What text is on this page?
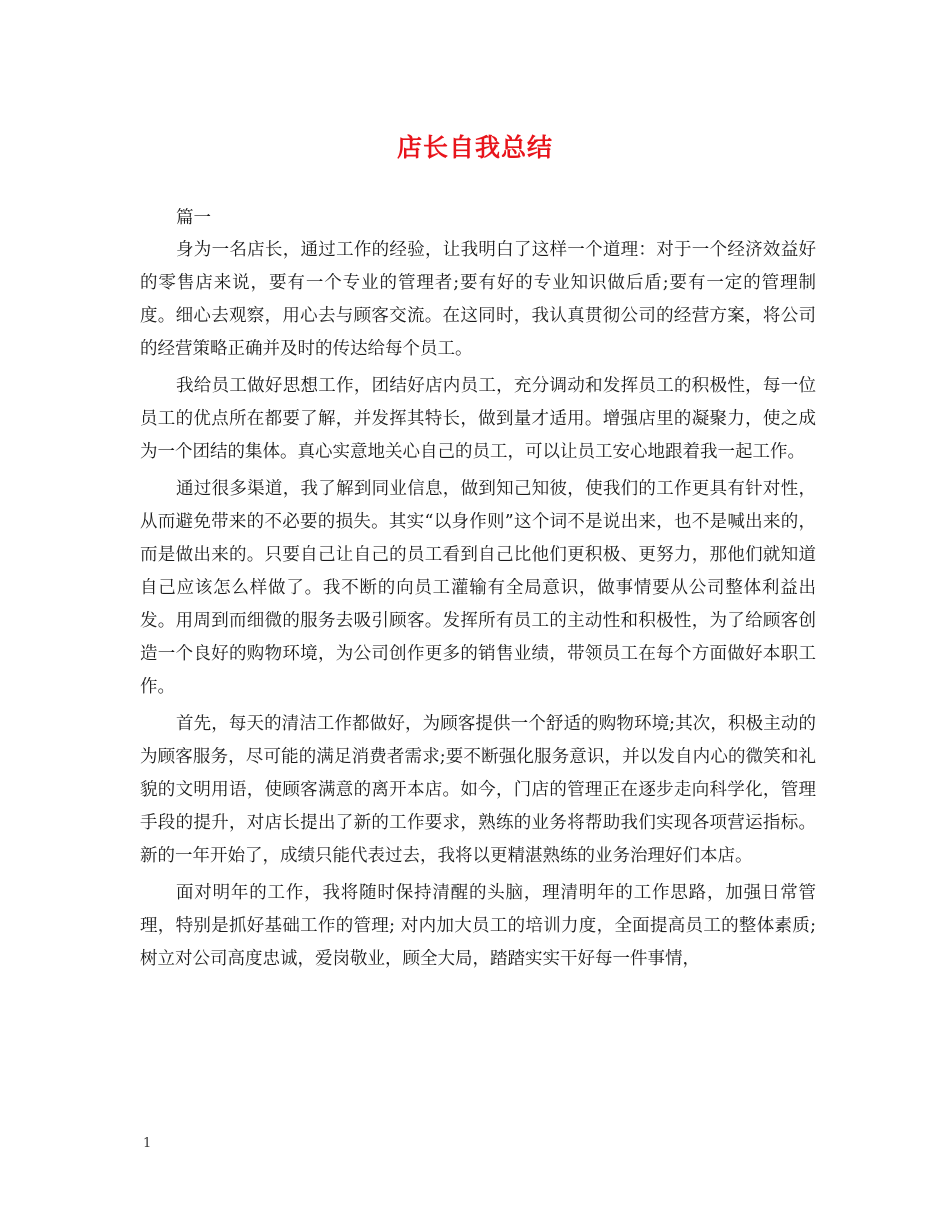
店长自我总结

篇一

身为一名店长，通过工作的经验，让我明白了这样一个道理：对于一个经济效益好的零售店来说，要有一个专业的管理者;要有好的专业知识做后盾;要有一定的管理制度。细心去观察，用心去与顾客交流。在这同时，我认真贯彻公司的经营方案，将公司的经营策略正确并及时的传达给每个员工。

我给员工做好思想工作，团结好店内员工，充分调动和发挥员工的积极性，每一位员工的优点所在都要了解，并发挥其特长，做到量才适用。增强店里的凝聚力，使之成为一个团结的集体。真心实意地关心自己的员工，可以让员工安心地跟着我一起工作。

通过很多渠道，我了解到同业信息，做到知己知彼，使我们的工作更具有针对性，从而避免带来的不必要的损失。其实“以身作则”这个词不是说出来，也不是喊出来的，而是做出来的。只要自己让自己的员工看到自己比他们更积极、更努力，那他们就知道自己应该怎么样做了。我不断的向员工灌输有全局意识，做事情要从公司整体利益出发。用周到而细微的服务去吸引顾客。发挥所有员工的主动性和积极性，为了给顾客创造一个良好的购物环境，为公司创作更多的销售业绩，带领员工在每个方面做好本职工作。

首先，每天的清洁工作都做好，为顾客提供一个舒适的购物环境;其次，积极主动的为顾客服务，尽可能的满足消费者需求;要不断强化服务意识，并以发自内心的微笑和礼貌的文明用语，使顾客满意的离开本店。如今，门店的管理正在逐步走向科学化，管理手段的提升，对店长提出了新的工作要求，熟练的业务将帮助我们实现各项营运指标。新的一年开始了，成绩只能代表过去，我将以更精湛熟练的业务治理好们本店。

面对明年的工作，我将随时保持清醒的头脑，理清明年的工作思路，加强日常管理，特别是抓好基础工作的管理; 对内加大员工的培训力度，全面提高员工的整体素质; 树立对公司高度忠诚，爱岗敬业，顾全大局，踏踏实实干好每一件事情，

1
